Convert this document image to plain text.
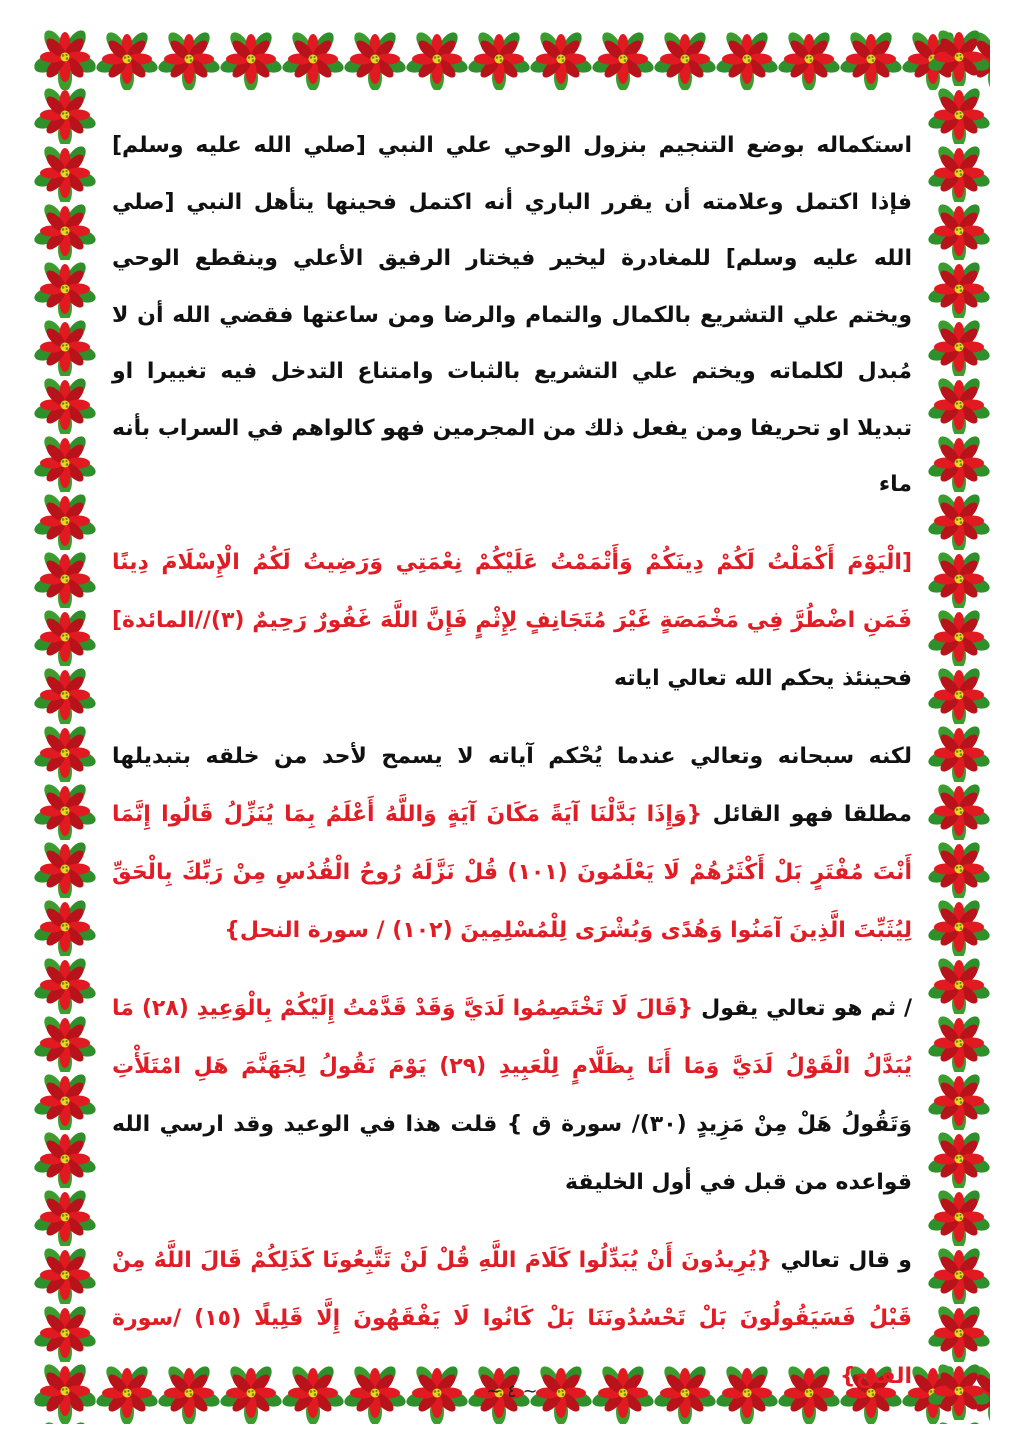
استكماله بوضع التنجيم بنزول الوحي علي النبي [صلي الله عليه وسلم] فإذا اكتمل وعلامته أن يقرر الباري أنه اكتمل فحينها يتأهل النبي [صلي الله عليه وسلم] للمغادرة ليخير فيختار الرفيق الأعلي وينقطع الوحي ويختم علي التشريع بالكمال والتمام والرضا ومن ساعتها فقضي الله أن لا مُبدل لكلماته ويختم علي التشريع بالثبات وامتناع التدخل فيه تغييرا او تبديلا او تحريفا ومن يفعل ذلك من المجرمين فهو كالواهم في السراب بأنه ماء

[الْيَوْمَ أَكْمَلْتُ لَكُمْ دِينَكُمْ وَأَتْمَمْتُ عَلَيْكُمْ نِعْمَتِي وَرَضِيتُ لَكُمُ الْإِسْلَامَ دِينًا فَمَنِ اضْطُرَّ فِي مَخْمَصَةٍ غَيْرَ مُتَجَانِفٍ لِإِثْمٍ فَإِنَّ اللَّهَ غَفُورٌ رَحِيمٌ (٣)//المائدة] فحينئذ يحكم الله تعالي اياته

لكنه سبحانه وتعالي عندما يُحْكم آياته لا يسمح لأحد من خلقه بتبديلها مطلقا فهو القائل {وَإِذَا بَدَّلْنَا آيَةً مَكَانَ آيَةٍ وَاللَّهُ أَعْلَمُ بِمَا يُنَزِّلُ قَالُوا إِنَّمَا أَنْتَ مُفْتَرٍ بَلْ أَكْثَرُهُمْ لَا يَعْلَمُونَ (١٠١) قُلْ نَزَّلَهُ رُوحُ الْقُدُسِ مِنْ رَبِّكَ بِالْحَقِّ لِيُثَبِّتَ الَّذِينَ آمَنُوا وَهُدًى وَبُشْرَى لِلْمُسْلِمِينَ (١٠٢) / سورة النحل}

/ ثم هو تعالي يقول {قَالَ لَا تَخْتَصِمُوا لَدَيَّ وَقَدْ قَدَّمْتُ إِلَيْكُمْ بِالْوَعِيدِ (٢٨) مَا يُبَدَّلُ الْقَوْلُ لَدَيَّ وَمَا أَنَا بِظَلَّامٍ لِلْعَبِيدِ (٢٩) يَوْمَ نَقُولُ لِجَهَنَّمَ هَلِ امْتَلَأْتِ وَتَقُولُ هَلْ مِنْ مَزِيدٍ (٣٠)/ سورة ق } قلت هذا في الوعيد وقد ارسي الله قواعده من قبل في أول الخليقة

و قال تعالي {يُرِيدُونَ أَنْ يُبَدِّلُوا كَلَامَ اللَّهِ قُلْ لَنْ تَتَّبِعُونَا كَذَلِكُمْ قَالَ اللَّهُ مِنْ قَبْلُ فَسَيَقُولُونَ بَلْ تَحْسُدُونَنَا بَلْ كَانُوا لَا يَفْقَهُونَ إِلَّا قَلِيلًا (١٥) /سورة الفتح}

~ ٤ ~
